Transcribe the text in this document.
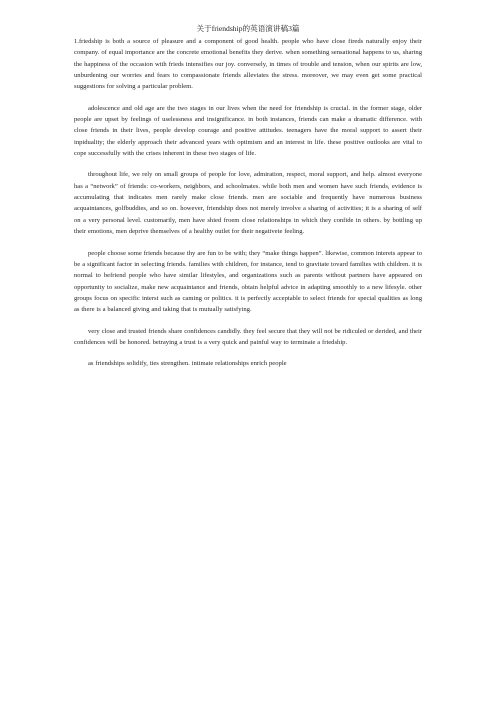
关于friendship的英语演讲稿3篇

1.friedship is both a source of pleasure and a component of good health. people who have close fireds naturally enjoy their company. of equal importance are the concrete emotional benefits they derive. when something sensational happens to us, sharing the happiness of the occasion with frieds intensifies our joy. conversely, in times of trouble and tension, when our spirits are low, unburdening our worries and fears to compassionate friends alleviates the stress. moreover, we may even get some practical suggestions for solving a particular problem.

adolescence and old age are the two stages in our lives when the need for friendship is crucial. in the former stage, older people are upset by feelings of uselessness and insignificance. in both instances, friends can make a dramatic difference. with close friends in their lives, people develop courage and positive attitudes. teenagers have the moral support to assert their inpiduality; the elderly approach their advanced years with optimism and an interest in life. these positive outlooks are vital to cope successfully with the crises inherent in these two stages of life.

throughout life, we rely on small groups of people for love, admiration, respect, moral support, and help. almost everyone has a “network” of friends: co-workers, neighbors, and schoolmates. while both men and women have such friends, evidence is accumulating that indicates men rarely make close friends. men are sociable and frequently have numerous business acquaintances, golfbuddies, and so on. however, friendship does not merely involve a sharing of activities; it is a sharing of self on a very personal level. customarily, men have shied froem close relationships in which they confide in others. by bottling up their emotions, men deprive themselves of a healthy outlet for their negativete feeling.

people choose some friends because thy are fun to be with; they “make things happen”. likewise, common interets appear to be a significant factor in selecting friends. families with children, for instance, tend to gravitate tovard families with children. it is normal to befriend people who have similar lifestyles, and organizations such as parents without partners have appeared on opportunity to socialize, make new acquaintance and friends, obtain helpful advice in adapting smoothly to a new lifesyle. other groups focus on specific interst such as caming or politics. it is perfectly acceptable to select friends for special qualities as long as there is a balanced giving and taking that is mutually satisfying.

very close and trusted friends share confidences candidly. they feel secure that they will not be ridiculed or derided, and their confidences will be honored. betraying a trust is a very quick and painful way to terminate a friedship.

as friendships solidify, ties strengthen. intimate relationships enrich people
